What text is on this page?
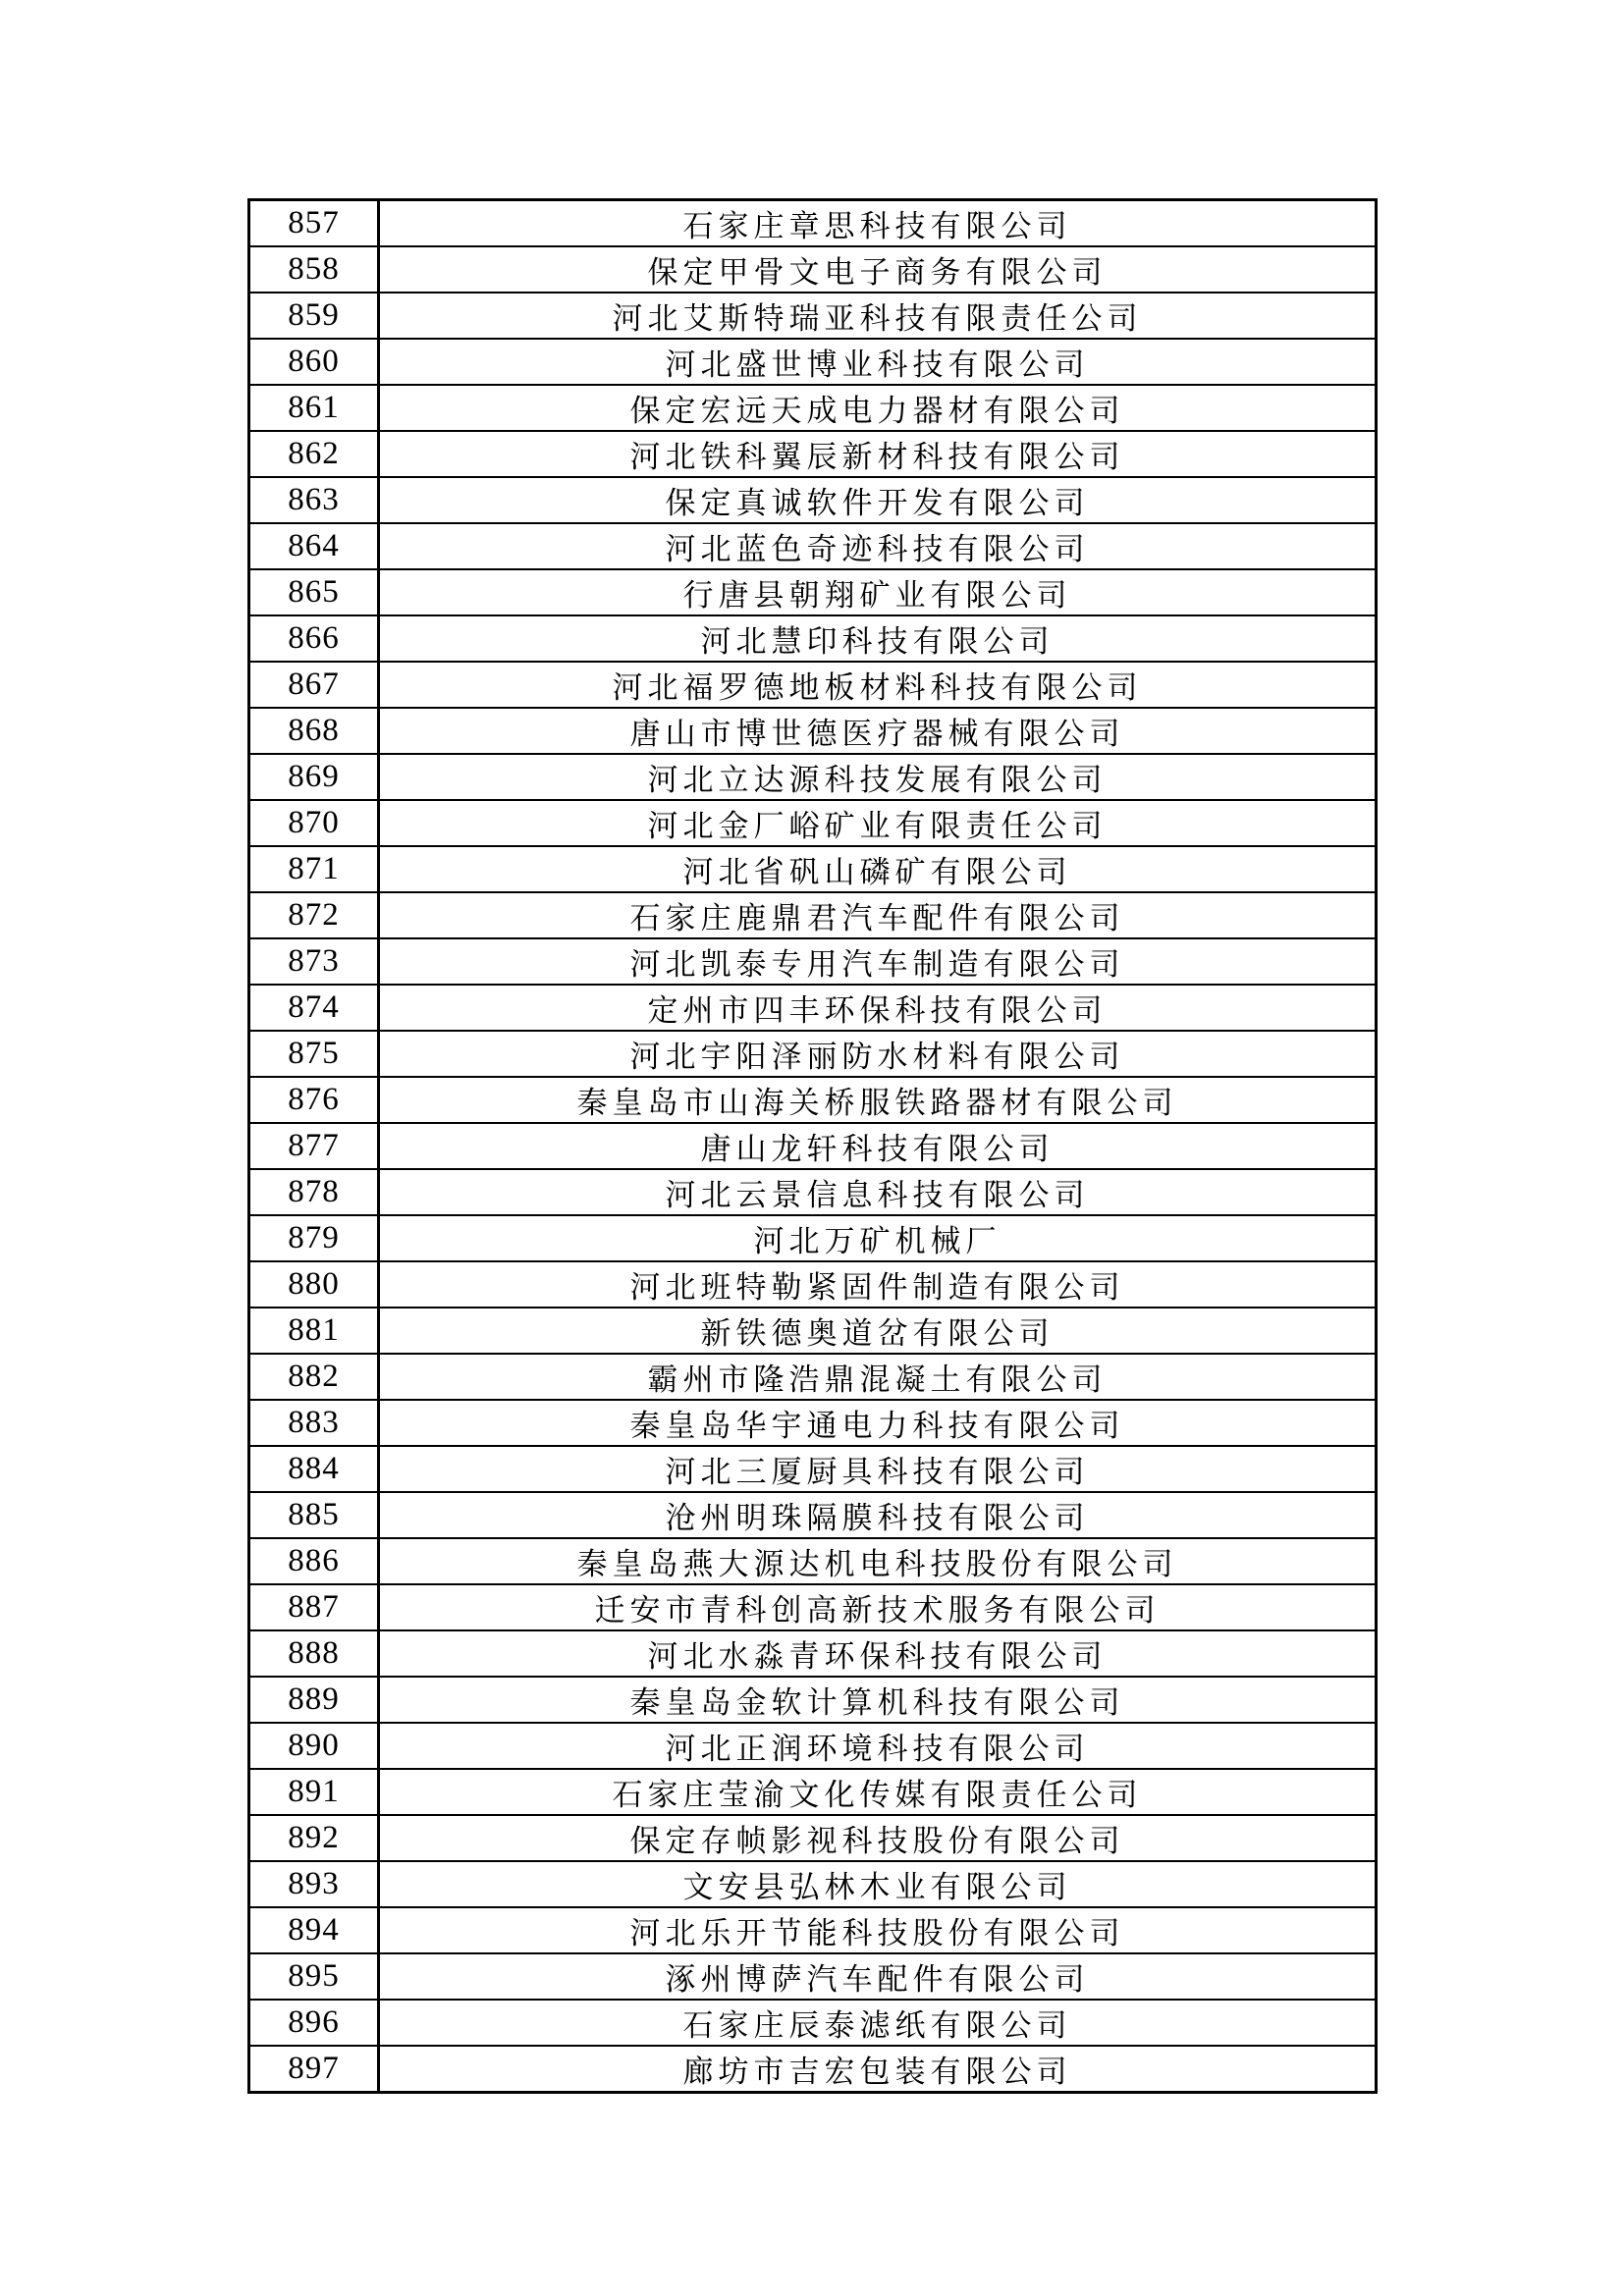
857	石家庄章思科技有限公司
858	保定甲骨文电子商务有限公司
859	河北艾斯特瑞亚科技有限责任公司
860	河北盛世博业科技有限公司
861	保定宏远天成电力器材有限公司
862	河北铁科翼辰新材科技有限公司
863	保定真诚软件开发有限公司
864	河北蓝色奇迹科技有限公司
865	行唐县朝翔矿业有限公司
866	河北慧印科技有限公司
867	河北福罗德地板材料科技有限公司
868	唐山市博世德医疗器械有限公司
869	河北立达源科技发展有限公司
870	河北金厂峪矿业有限责任公司
871	河北省矾山磷矿有限公司
872	石家庄鹿鼎君汽车配件有限公司
873	河北凯泰专用汽车制造有限公司
874	定州市四丰环保科技有限公司
875	河北宇阳泽丽防水材料有限公司
876	秦皇岛市山海关桥服铁路器材有限公司
877	唐山龙轩科技有限公司
878	河北云景信息科技有限公司
879	河北万矿机械厂
880	河北班特勒紧固件制造有限公司
881	新铁德奥道岔有限公司
882	霸州市隆浩鼎混凝土有限公司
883	秦皇岛华宇通电力科技有限公司
884	河北三厦厨具科技有限公司
885	沧州明珠隔膜科技有限公司
886	秦皇岛燕大源达机电科技股份有限公司
887	迁安市青科创高新技术服务有限公司
888	河北水淼青环保科技有限公司
889	秦皇岛金软计算机科技有限公司
890	河北正润环境科技有限公司
891	石家庄莹渝文化传媒有限责任公司
892	保定存帧影视科技股份有限公司
893	文安县弘林木业有限公司
894	河北乐开节能科技股份有限公司
895	涿州博萨汽车配件有限公司
896	石家庄辰泰滤纸有限公司
897	廊坊市吉宏包装有限公司
